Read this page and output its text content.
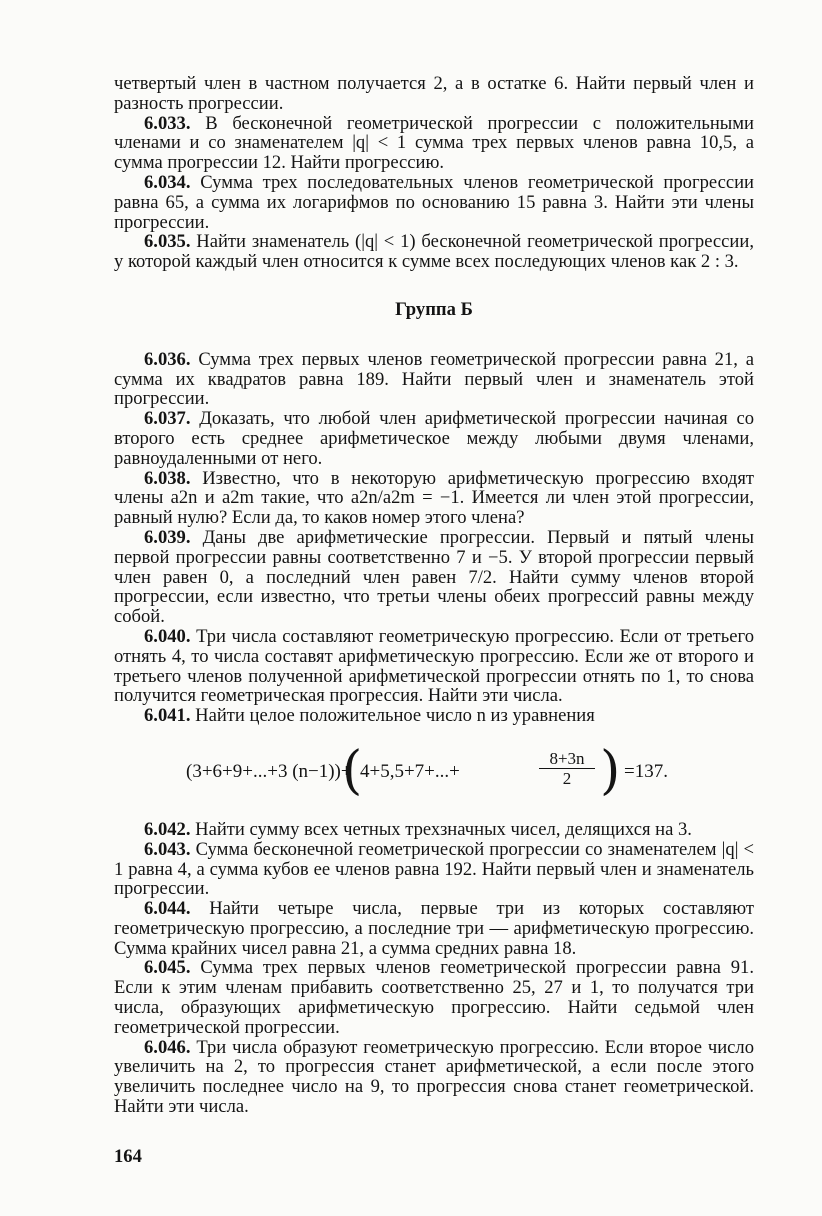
четвертый член в частном получается 2, а в остатке 6. Найти первый член и разность прогрессии.

6.033. В бесконечной геометрической прогрессии с положительными членами и со знаменателем |q| < 1 сумма трех первых членов равна 10,5, а сумма прогрессии 12. Найти прогрессию.

6.034. Сумма трех последовательных членов геометрической прогрессии равна 65, а сумма их логарифмов по основанию 15 равна 3. Найти эти члены прогрессии.

6.035. Найти знаменатель (|q| < 1) бесконечной геометрической прогрессии, у которой каждый член относится к сумме всех последующих членов как 2 : 3.

Группа Б

6.036. Сумма трех первых членов геометрической прогрессии равна 21, а сумма их квадратов равна 189. Найти первый член и знаменатель этой прогрессии.

6.037. Доказать, что любой член арифметической прогрессии начиная со второго есть среднее арифметическое между любыми двумя членами, равноудаленными от него.

6.038. Известно, что в некоторую арифметическую прогрессию входят члены a2n и a2m такие, что a2n/a2m = −1. Имеется ли член этой прогрессии, равный нулю? Если да, то каков номер этого члена?

6.039. Даны две арифметические прогрессии. Первый и пятый члены первой прогрессии равны соответственно 7 и −5. У второй прогрессии первый член равен 0, а последний член равен 7/2. Найти сумму членов второй прогрессии, если известно, что третьи члены обеих прогрессий равны между собой.

6.040. Три числа составляют геометрическую прогрессию. Если от третьего отнять 4, то числа составят арифметическую прогрессию. Если же от второго и третьего членов полученной арифметической прогрессии отнять по 1, то снова получится геометрическая прогрессия. Найти эти числа.

6.041. Найти целое положительное число n из уравнения

(3+6+9+...+3 (n−1))+
(
4+5,5+7+...+	$\frac{8+3n}{2}$ ) =137.

6.042. Найти сумму всех четных трехзначных чисел, делящихся на 3.

6.043. Сумма бесконечной геометрической прогрессии со знаменателем |q| < 1 равна 4, а сумма кубов ее членов равна 192. Найти первый член и знаменатель прогрессии.

6.044. Найти четыре числа, первые три из которых составляют геометрическую прогрессию, а последние три — арифметическую прогрессию. Сумма крайних чисел равна 21, а сумма средних равна 18.

6.045. Сумма трех первых членов геометрической прогрессии равна 91. Если к этим членам прибавить соответственно 25, 27 и 1, то получатся три числа, образующих арифметическую прогрессию. Найти седьмой член геометрической прогрессии.

6.046. Три числа образуют геометрическую прогрессию. Если второе число увеличить на 2, то прогрессия станет арифметической, а если после этого увеличить последнее число на 9, то прогрессия снова станет геометрической. Найти эти числа.

164
